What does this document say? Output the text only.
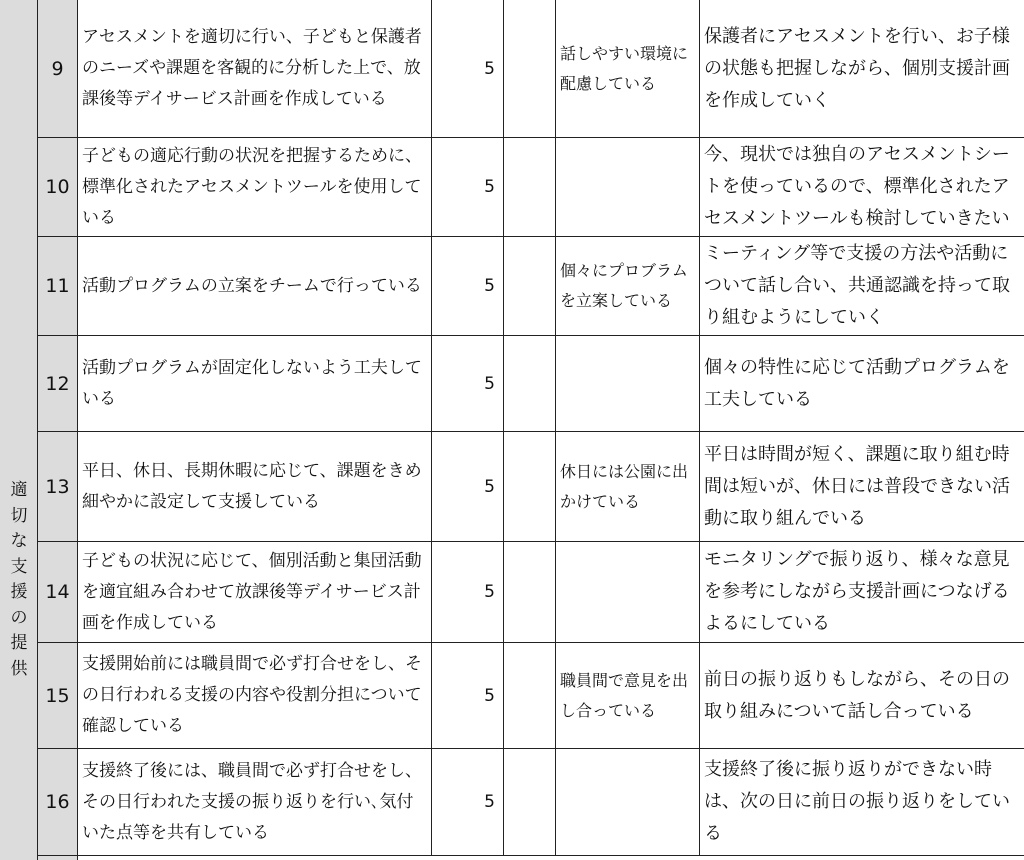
適
切
な
支
援
の
提
供
9
アセスメントを適切に行い、子どもと保護者のニーズや課題を客観的に分析した上で、放課後等デイサービス計画を作成している
5
話しやすい環境に配慮している
保護者にアセスメントを行い、お子様の状態も把握しながら、個別支援計画を作成していく
10
子どもの適応行動の状況を把握するために、標準化されたアセスメントツールを使用している
5
今、現状では独自のアセスメントシートを使っているので、標準化されたアセスメントツールも検討していきたい
11 活動プログラムの立案をチームで行っている	5
個々にプロブラムを立案している
ミーティング等で支援の方法や活動について話し合い、共通認識を持って取り組むようにしていく
12
活動プログラムが固定化しないよう工夫している
5
個々の特性に応じて活動プログラムを工夫している
13
平日、休日、長期休暇に応じて、課題をきめ細やかに設定して支援している
5
休日には公園に出かけている
平日は時間が短く、課題に取り組む時間は短いが、休日には普段できない活動に取り組んでいる
14
子どもの状況に応じて、個別活動と集団活動を適宜組み合わせて放課後等デイサービス計画を作成している
5
モニタリングで振り返り、様々な意見を参考にしながら支援計画につなげるよるにしている
15
支援開始前には職員間で必ず打合せをし、その日行われる支援の内容や役割分担について確認している
5
職員間で意見を出し合っている
前日の振り返りもしながら、その日の取り組みについて話し合っている
16
支援終了後には、職員間で必ず打合せをし、その日行われた支援の振り返りを行い､気付いた点等を共有している
5
支援終了後に振り返りができない時は、次の日に前日の振り返りをしている
